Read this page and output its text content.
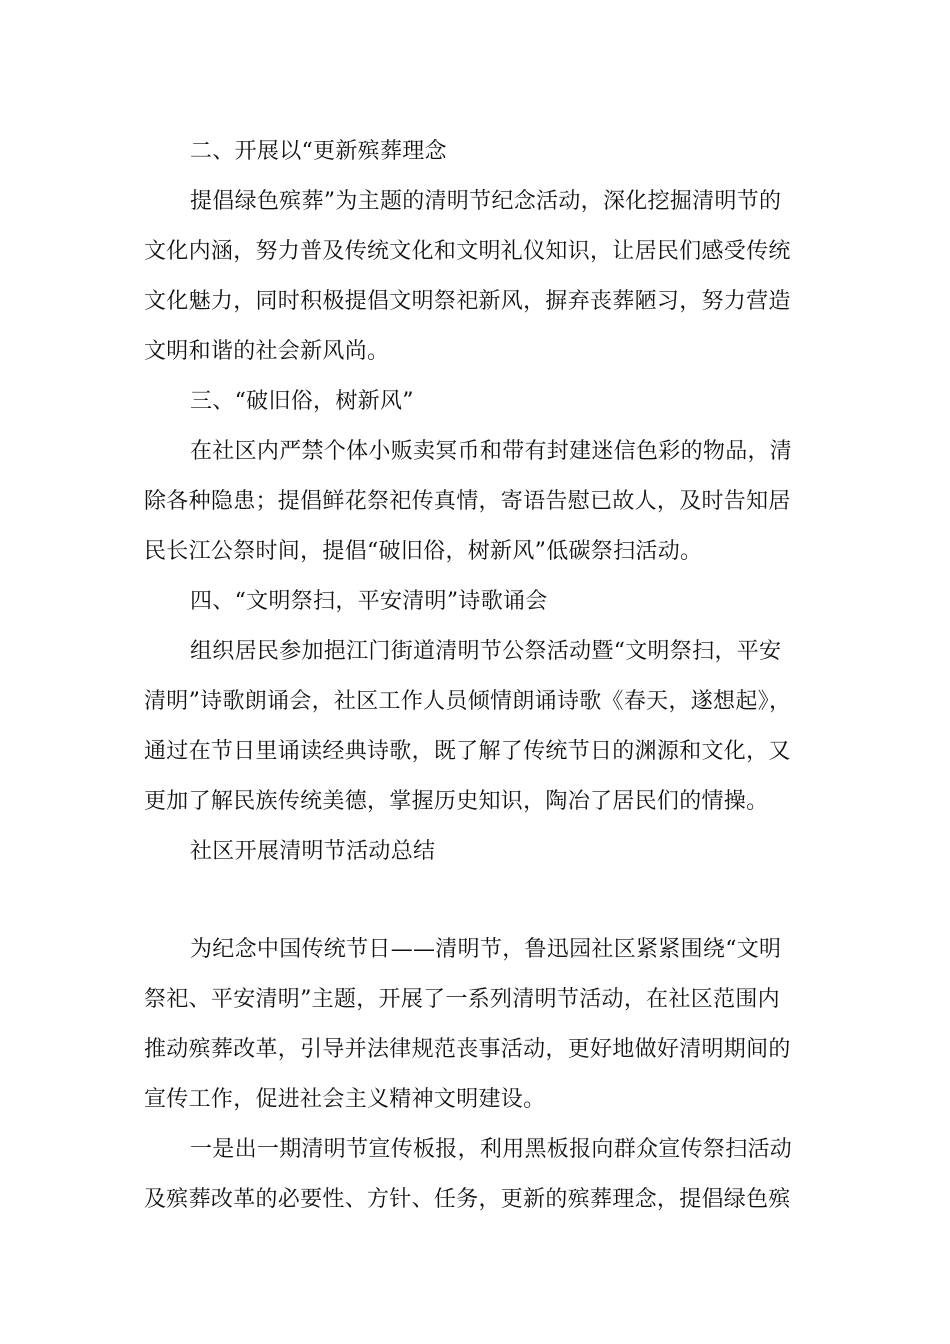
二、开展以“更新殡葬理念
提倡绿色殡葬”为主题的清明节纪念活动，深化挖掘清明节的
文化内涵，努力普及传统文化和文明礼仪知识，让居民们感受传统
文化魅力，同时积极提倡文明祭祀新风，摒弃丧葬陋习，努力营造
文明和谐的社会新风尚。
三、“破旧俗，树新风”
在社区内严禁个体小贩卖冥币和带有封建迷信色彩的物品，清
除各种隐患；提倡鲜花祭祀传真情，寄语告慰已故人，及时告知居
民长江公祭时间，提倡“破旧俗，树新风”低碳祭扫活动。
四、“文明祭扫，平安清明”诗歌诵会
组织居民参加挹江门街道清明节公祭活动暨“文明祭扫，平安
清明”诗歌朗诵会，社区工作人员倾情朗诵诗歌《春天，遂想起》，
通过在节日里诵读经典诗歌，既了解了传统节日的渊源和文化，又
更加了解民族传统美德，掌握历史知识，陶冶了居民们的情操。
社区开展清明节活动总结
为纪念中国传统节日——清明节，鲁迅园社区紧紧围绕“文明
祭祀、平安清明”主题，开展了一系列清明节活动，在社区范围内
推动殡葬改革，引导并法律规范丧事活动，更好地做好清明期间的
宣传工作，促进社会主义精神文明建设。
一是出一期清明节宣传板报，利用黑板报向群众宣传祭扫活动
及殡葬改革的必要性、方针、任务，更新的殡葬理念，提倡绿色殡
